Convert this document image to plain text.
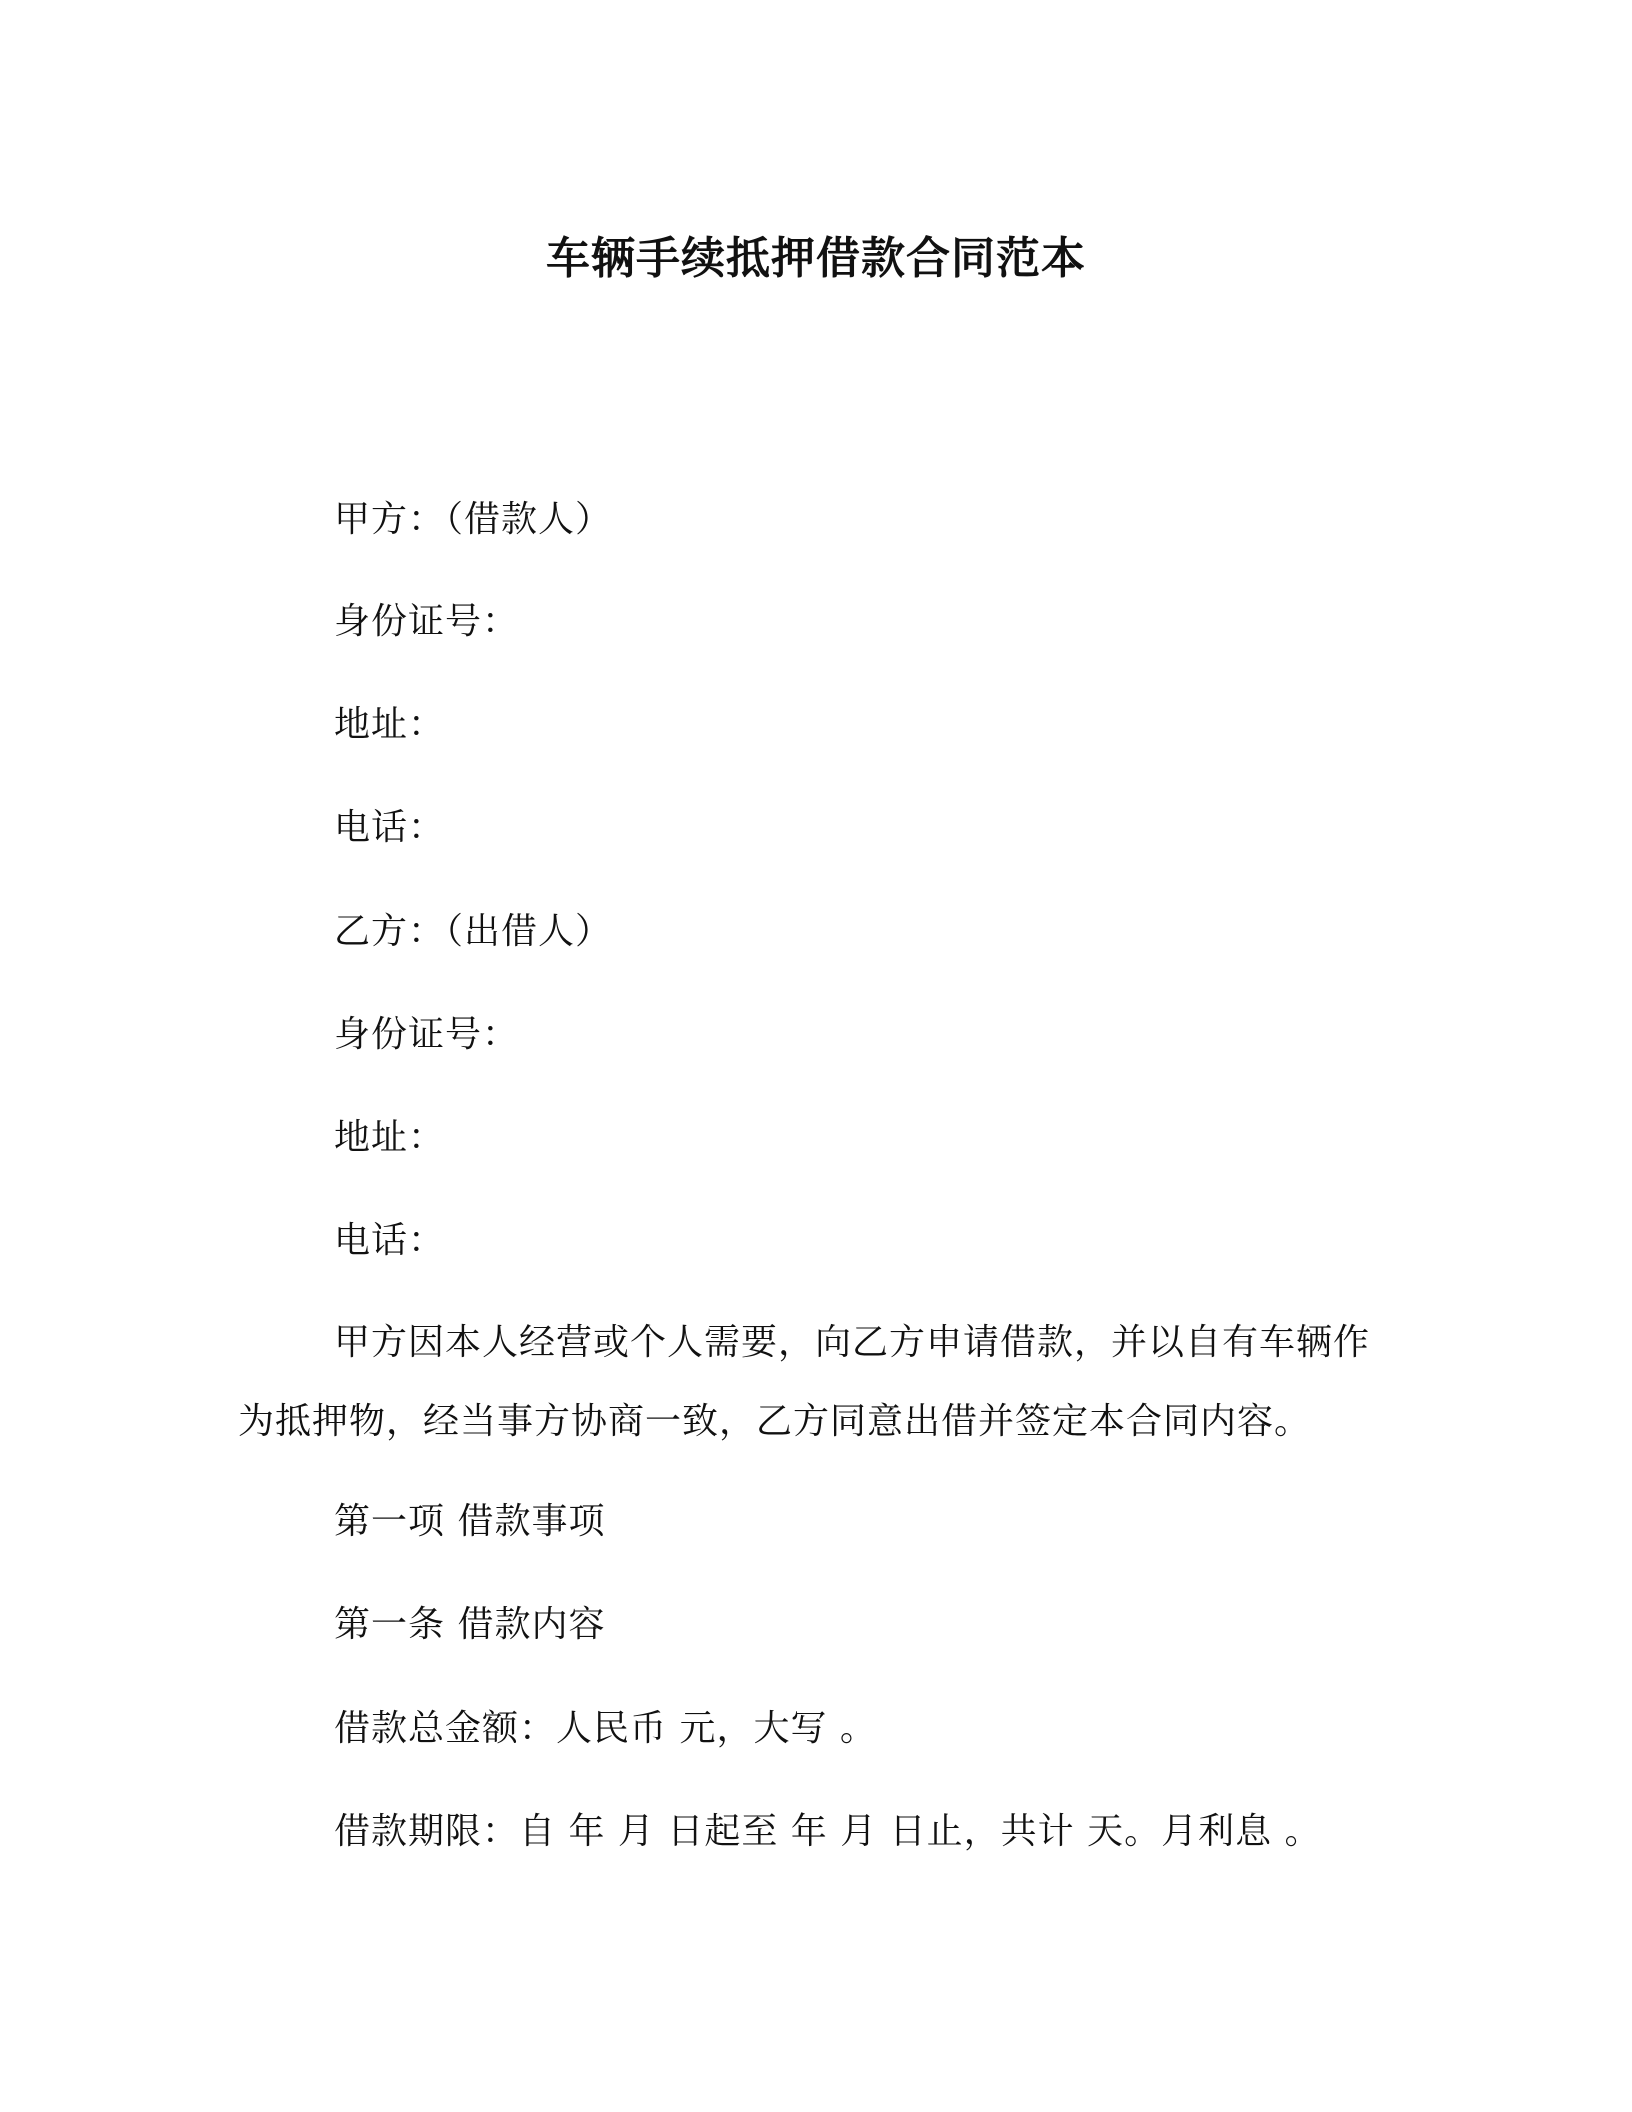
车辆手续抵押借款合同范本
甲方：（借款人）
身份证号：
地址：
电话：
乙方：（出借人）
身份证号：
地址：
电话：
甲方因本人经营或个人需要，向乙方申请借款，并以自有车辆作
为抵押物，经当事方协商一致，乙方同意出借并签定本合同内容。
第一项 借款事项
第一条 借款内容
借款总金额：人民币 元，大写 。
借款期限：自 年 月 日起至 年 月 日止，共计 天。月利息 。
